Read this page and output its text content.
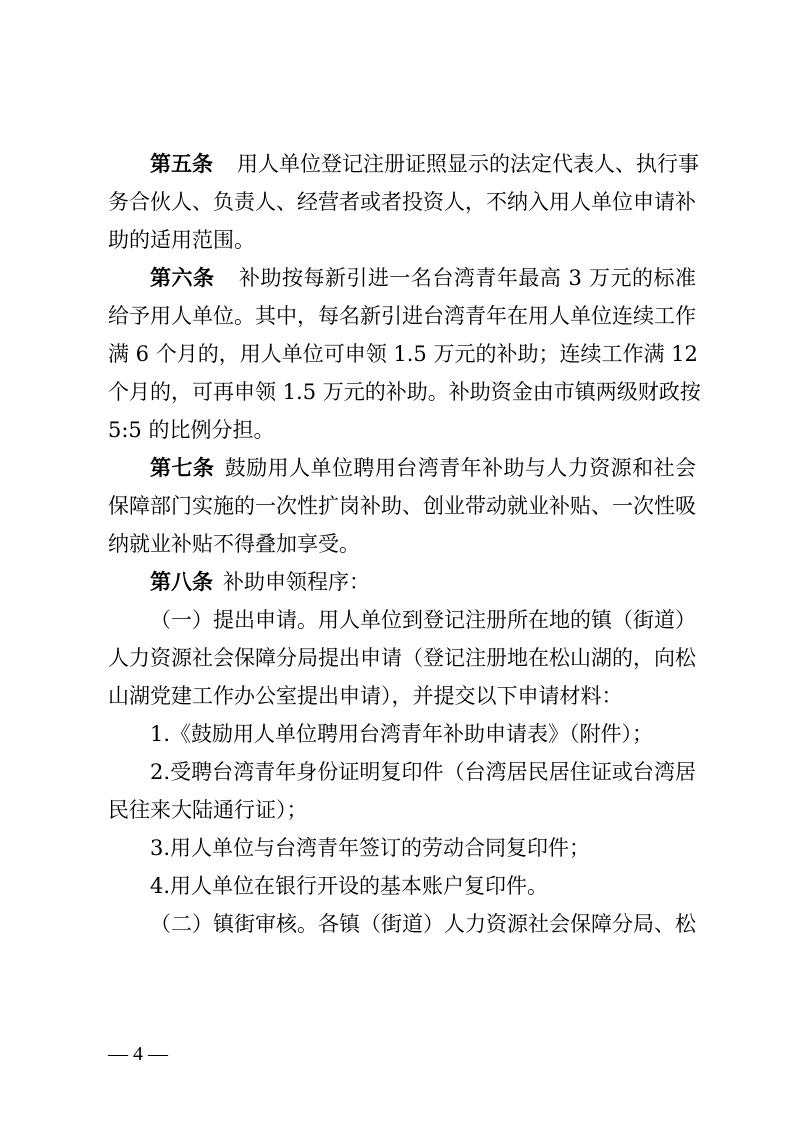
第五条 用人单位登记注册证照显示的法定代表人、执行事
务合伙人、负责人、经营者或者投资人，不纳入用人单位申请补
助的适用范围。
第六条 补助按每新引进一名台湾青年最高 3 万元的标准
给予用人单位。其中，每名新引进台湾青年在用人单位连续工作
满 6 个月的，用人单位可申领 1.5 万元的补助；连续工作满 12
个月的，可再申领 1.5 万元的补助。补助资金由市镇两级财政按
5:5 的比例分担。
第七条 鼓励用人单位聘用台湾青年补助与人力资源和社会
保障部门实施的一次性扩岗补助、创业带动就业补贴、一次性吸
纳就业补贴不得叠加享受。
第八条 补助申领程序：
（一）提出申请。用人单位到登记注册所在地的镇（街道）
人力资源社会保障分局提出申请（登记注册地在松山湖的，向松
山湖党建工作办公室提出申请），并提交以下申请材料：
1.《鼓励用人单位聘用台湾青年补助申请表》（附件）；
2.受聘台湾青年身份证明复印件（台湾居民居住证或台湾居
民往来大陆通行证）；
3.用人单位与台湾青年签订的劳动合同复印件；
4.用人单位在银行开设的基本账户复印件。
（二）镇街审核。各镇（街道）人力资源社会保障分局、松
— 4 —
